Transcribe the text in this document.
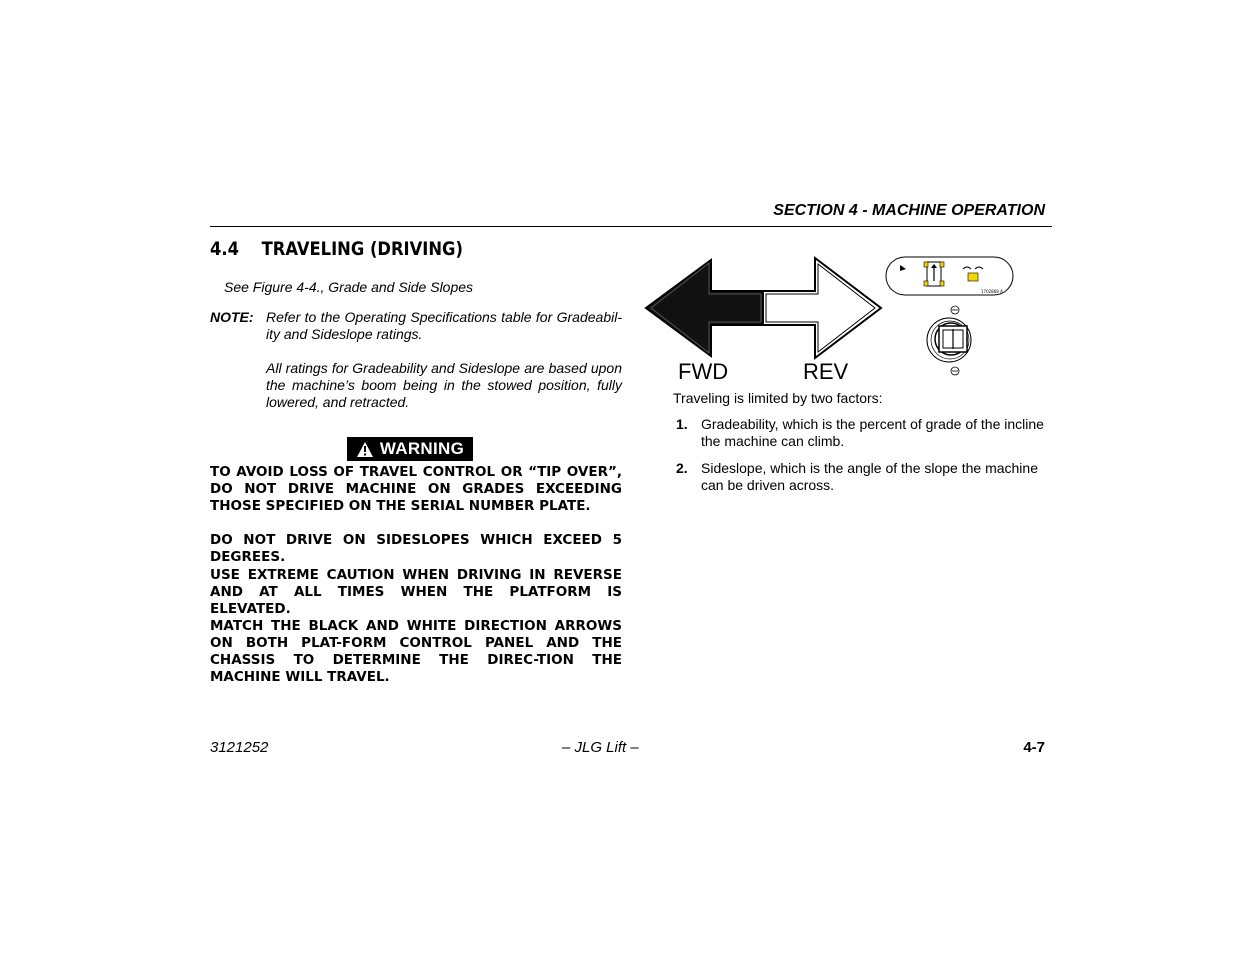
SECTION 4 - MACHINE OPERATION
4.4 TRAVELING (DRIVING)
See Figure 4-4., Grade and Side Slopes
NOTE: Refer to the Operating Specifications table for Gradeabil-ity and Sideslope ratings.
All ratings for Gradeability and Sideslope are based upon the machine’s boom being in the stowed position, fully lowered, and retracted.
WARNING
TO AVOID LOSS OF TRAVEL CONTROL OR “TIP OVER”, DO NOT DRIVE MACHINE ON GRADES EXCEEDING THOSE SPECIFIED ON THE SERIAL NUMBER PLATE.
DO NOT DRIVE ON SIDESLOPES WHICH EXCEED 5 DEGREES.
USE EXTREME CAUTION WHEN DRIVING IN REVERSE AND AT ALL TIMES WHEN THE PLATFORM IS ELEVATED.
MATCH THE BLACK AND WHITE DIRECTION ARROWS ON BOTH PLAT-FORM CONTROL PANEL AND THE CHASSIS TO DETERMINE THE DIREC-TION THE MACHINE WILL TRAVEL.
1702868 A
FWD	REV
Traveling is limited by two factors:
1. Gradeability, which is the percent of grade of the incline the machine can climb.
2. Sideslope, which is the angle of the slope the machine can be driven across.
3121252	– JLG Lift –	4-7
